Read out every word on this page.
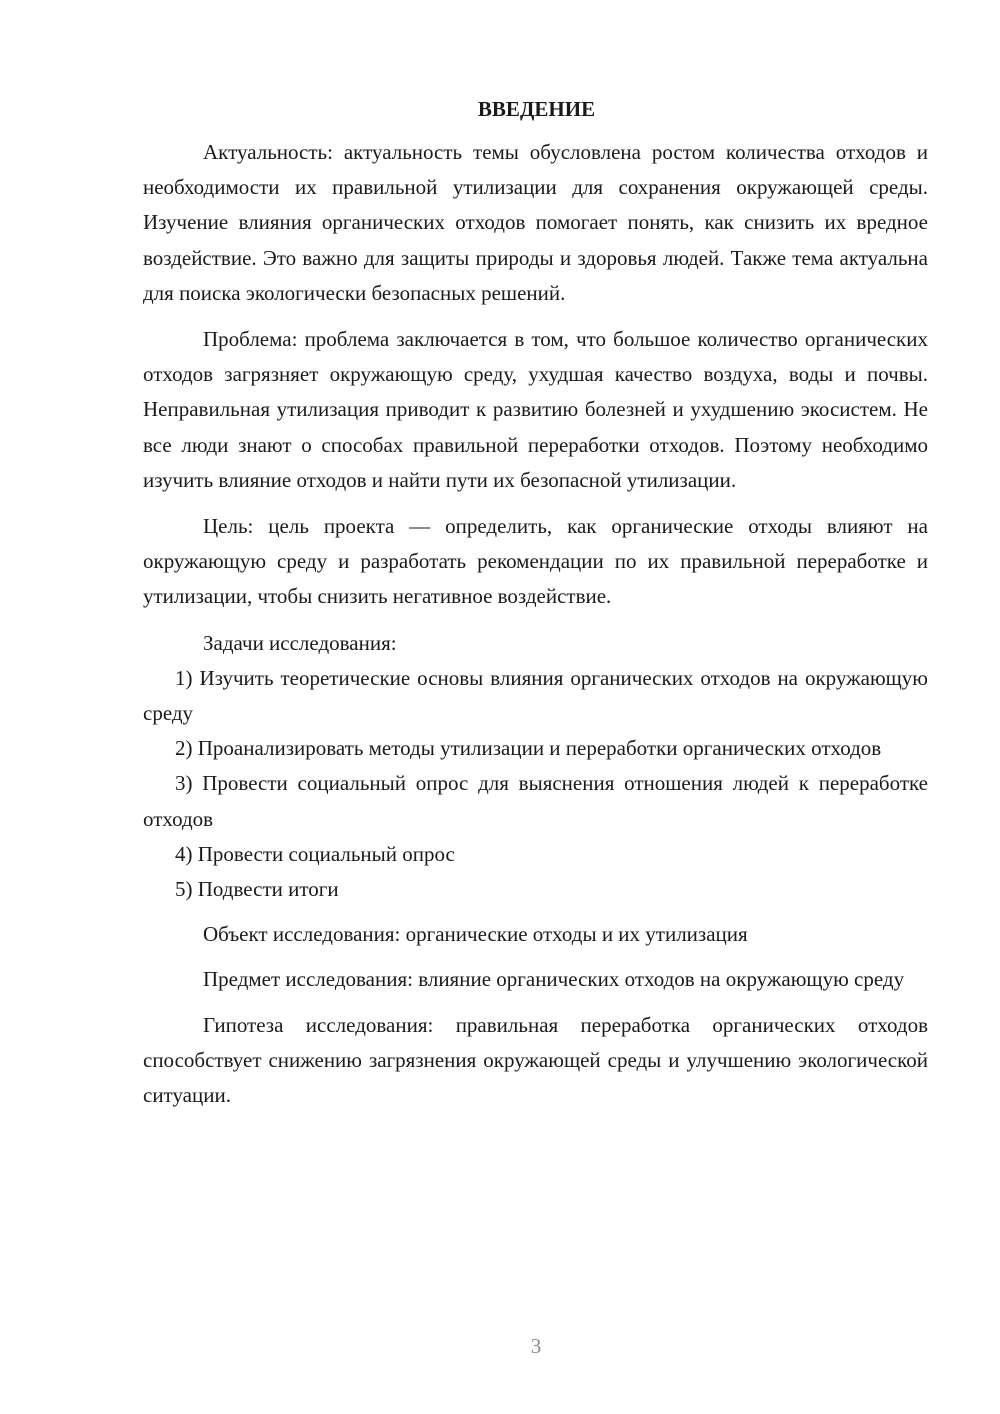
ВВЕДЕНИЕ

Актуальность: актуальность темы обусловлена ростом количества отходов и необходимости их правильной утилизации для сохранения окружающей среды. Изучение влияния органических отходов помогает понять, как снизить их вредное воздействие. Это важно для защиты природы и здоровья людей. Также тема актуальна для поиска экологически безопасных решений.

Проблема: проблема заключается в том, что большое количество органических отходов загрязняет окружающую среду, ухудшая качество воздуха, воды и почвы. Неправильная утилизация приводит к развитию болезней и ухудшению экосистем. Не все люди знают о способах правильной переработки отходов. Поэтому необходимо изучить влияние отходов и найти пути их безопасной утилизации.

Цель: цель проекта — определить, как органические отходы влияют на окружающую среду и разработать рекомендации по их правильной переработке и утилизации, чтобы снизить негативное воздействие.

Задачи исследования:

1) Изучить теоретические основы влияния органических отходов на окружающую среду

2) Проанализировать методы утилизации и переработки органических отходов

3) Провести социальный опрос для выяснения отношения людей к переработке отходов

4) Провести социальный опрос

5) Подвести итоги

Объект исследования: органические отходы и их утилизация

Предмет исследования: влияние органических отходов на окружающую среду

Гипотеза исследования: правильная переработка органических отходов способствует снижению загрязнения окружающей среды и улучшению экологической ситуации.

3
